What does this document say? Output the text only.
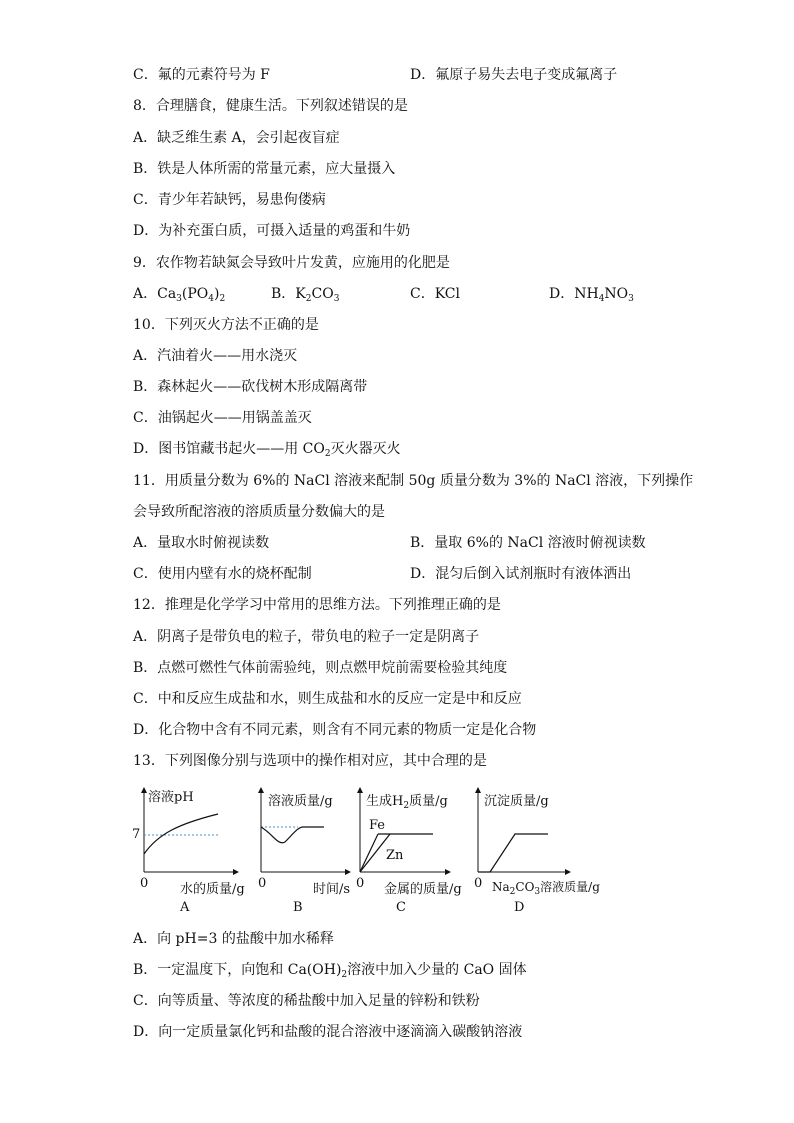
C．氟的元素符号为 F	D．氟原子易失去电子变成氟离子
8．合理膳食，健康生活。下列叙述错误的是
A．缺乏维生素 A，会引起夜盲症
B．铁是人体所需的常量元素，应大量摄入
C．青少年若缺钙，易患佝偻病
D．为补充蛋白质，可摄入适量的鸡蛋和牛奶
9．农作物若缺氮会导致叶片发黄，应施用的化肥是
A．$Ca_3(PO_4)_2$	B．$K_2CO_3$	C．KCl	D．$NH_4NO_3$
10．下列灭火方法不正确的是
A．汽油着火——用水浇灭
B．森林起火——砍伐树木形成隔离带
C．油锅起火——用锅盖盖灭
D．图书馆藏书起火——用 $CO_2$灭火器灭火
11．用质量分数为 6%的 NaCl 溶液来配制 50g 质量分数为 3%的 NaCl 溶液，下列操作
会导致所配溶液的溶质质量分数偏大的是
A．量取水时俯视读数	B．量取 6%的 NaCl 溶液时俯视读数
C．使用内壁有水的烧杯配制	D．混匀后倒入试剂瓶时有液体洒出
12．推理是化学学习中常用的思维方法。下列推理正确的是
A．阴离子是带负电的粒子，带负电的粒子一定是阴离子
B．点燃可燃性气体前需验纯，则点燃甲烷前需要检验其纯度
C．中和反应生成盐和水，则生成盐和水的反应一定是中和反应
D．化合物中含有不同元素，则含有不同元素的物质一定是化合物
13．下列图像分别与选项中的操作相对应，其中合理的是
溶液pH
7
0 水的质量/g
A
溶液质量/g
0	时间/s
B
生成$H_2$质量/g
Fe
Zn
0 金属的质量/g
C
沉淀质量/g
0 $Na_2CO_3$溶液质量/g
D
A．向 pH=3 的盐酸中加水稀释
B．一定温度下，向饱和 $Ca(OH)_2$溶液中加入少量的 CaO 固体
C．向等质量、等浓度的稀盐酸中加入足量的锌粉和铁粉
D．向一定质量氯化钙和盐酸的混合溶液中逐滴滴入碳酸钠溶液
